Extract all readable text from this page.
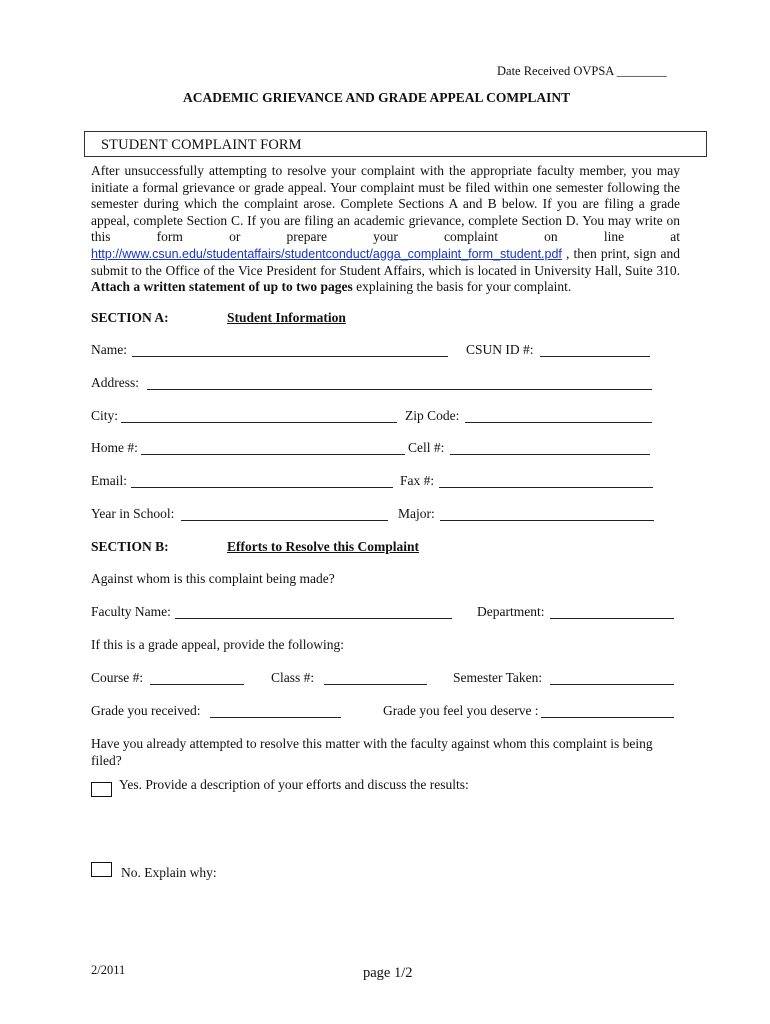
Date Received OVPSA ________
ACADEMIC GRIEVANCE AND GRADE APPEAL COMPLAINT
STUDENT COMPLAINT FORM
After unsuccessfully attempting to resolve your complaint with the appropriate faculty member, you may initiate a formal grievance or grade appeal. Your complaint must be filed within one semester following the semester during which the complaint arose. Complete Sections A and B below. If you are filing a grade appeal, complete Section C. If you are filing an academic grievance, complete Section D. You may write on this form or prepare your complaint on line at http://www.csun.edu/studentaffairs/studentconduct/agga_complaint_form_student.pdf , then print, sign and submit to the Office of the Vice President for Student Affairs, which is located in University Hall, Suite 310. Attach a written statement of up to two pages explaining the basis for your complaint.
SECTION A:	Student Information
Name:	CSUN ID #:
Address:
City:	Zip Code:
Home #:	Cell #:
Email:	Fax #:
Year in School:	Major:
SECTION B:	Efforts to Resolve this Complaint
Against whom is this complaint being made?
Faculty Name:	Department:
If this is a grade appeal, provide the following:
Course #:	Class #:	Semester Taken:
Grade you received:	Grade you feel you deserve :
Have you already attempted to resolve this matter with the faculty against whom this complaint is being filed?
Yes. Provide a description of your efforts and discuss the results:
No. Explain why:
2/2011	page 1/2
